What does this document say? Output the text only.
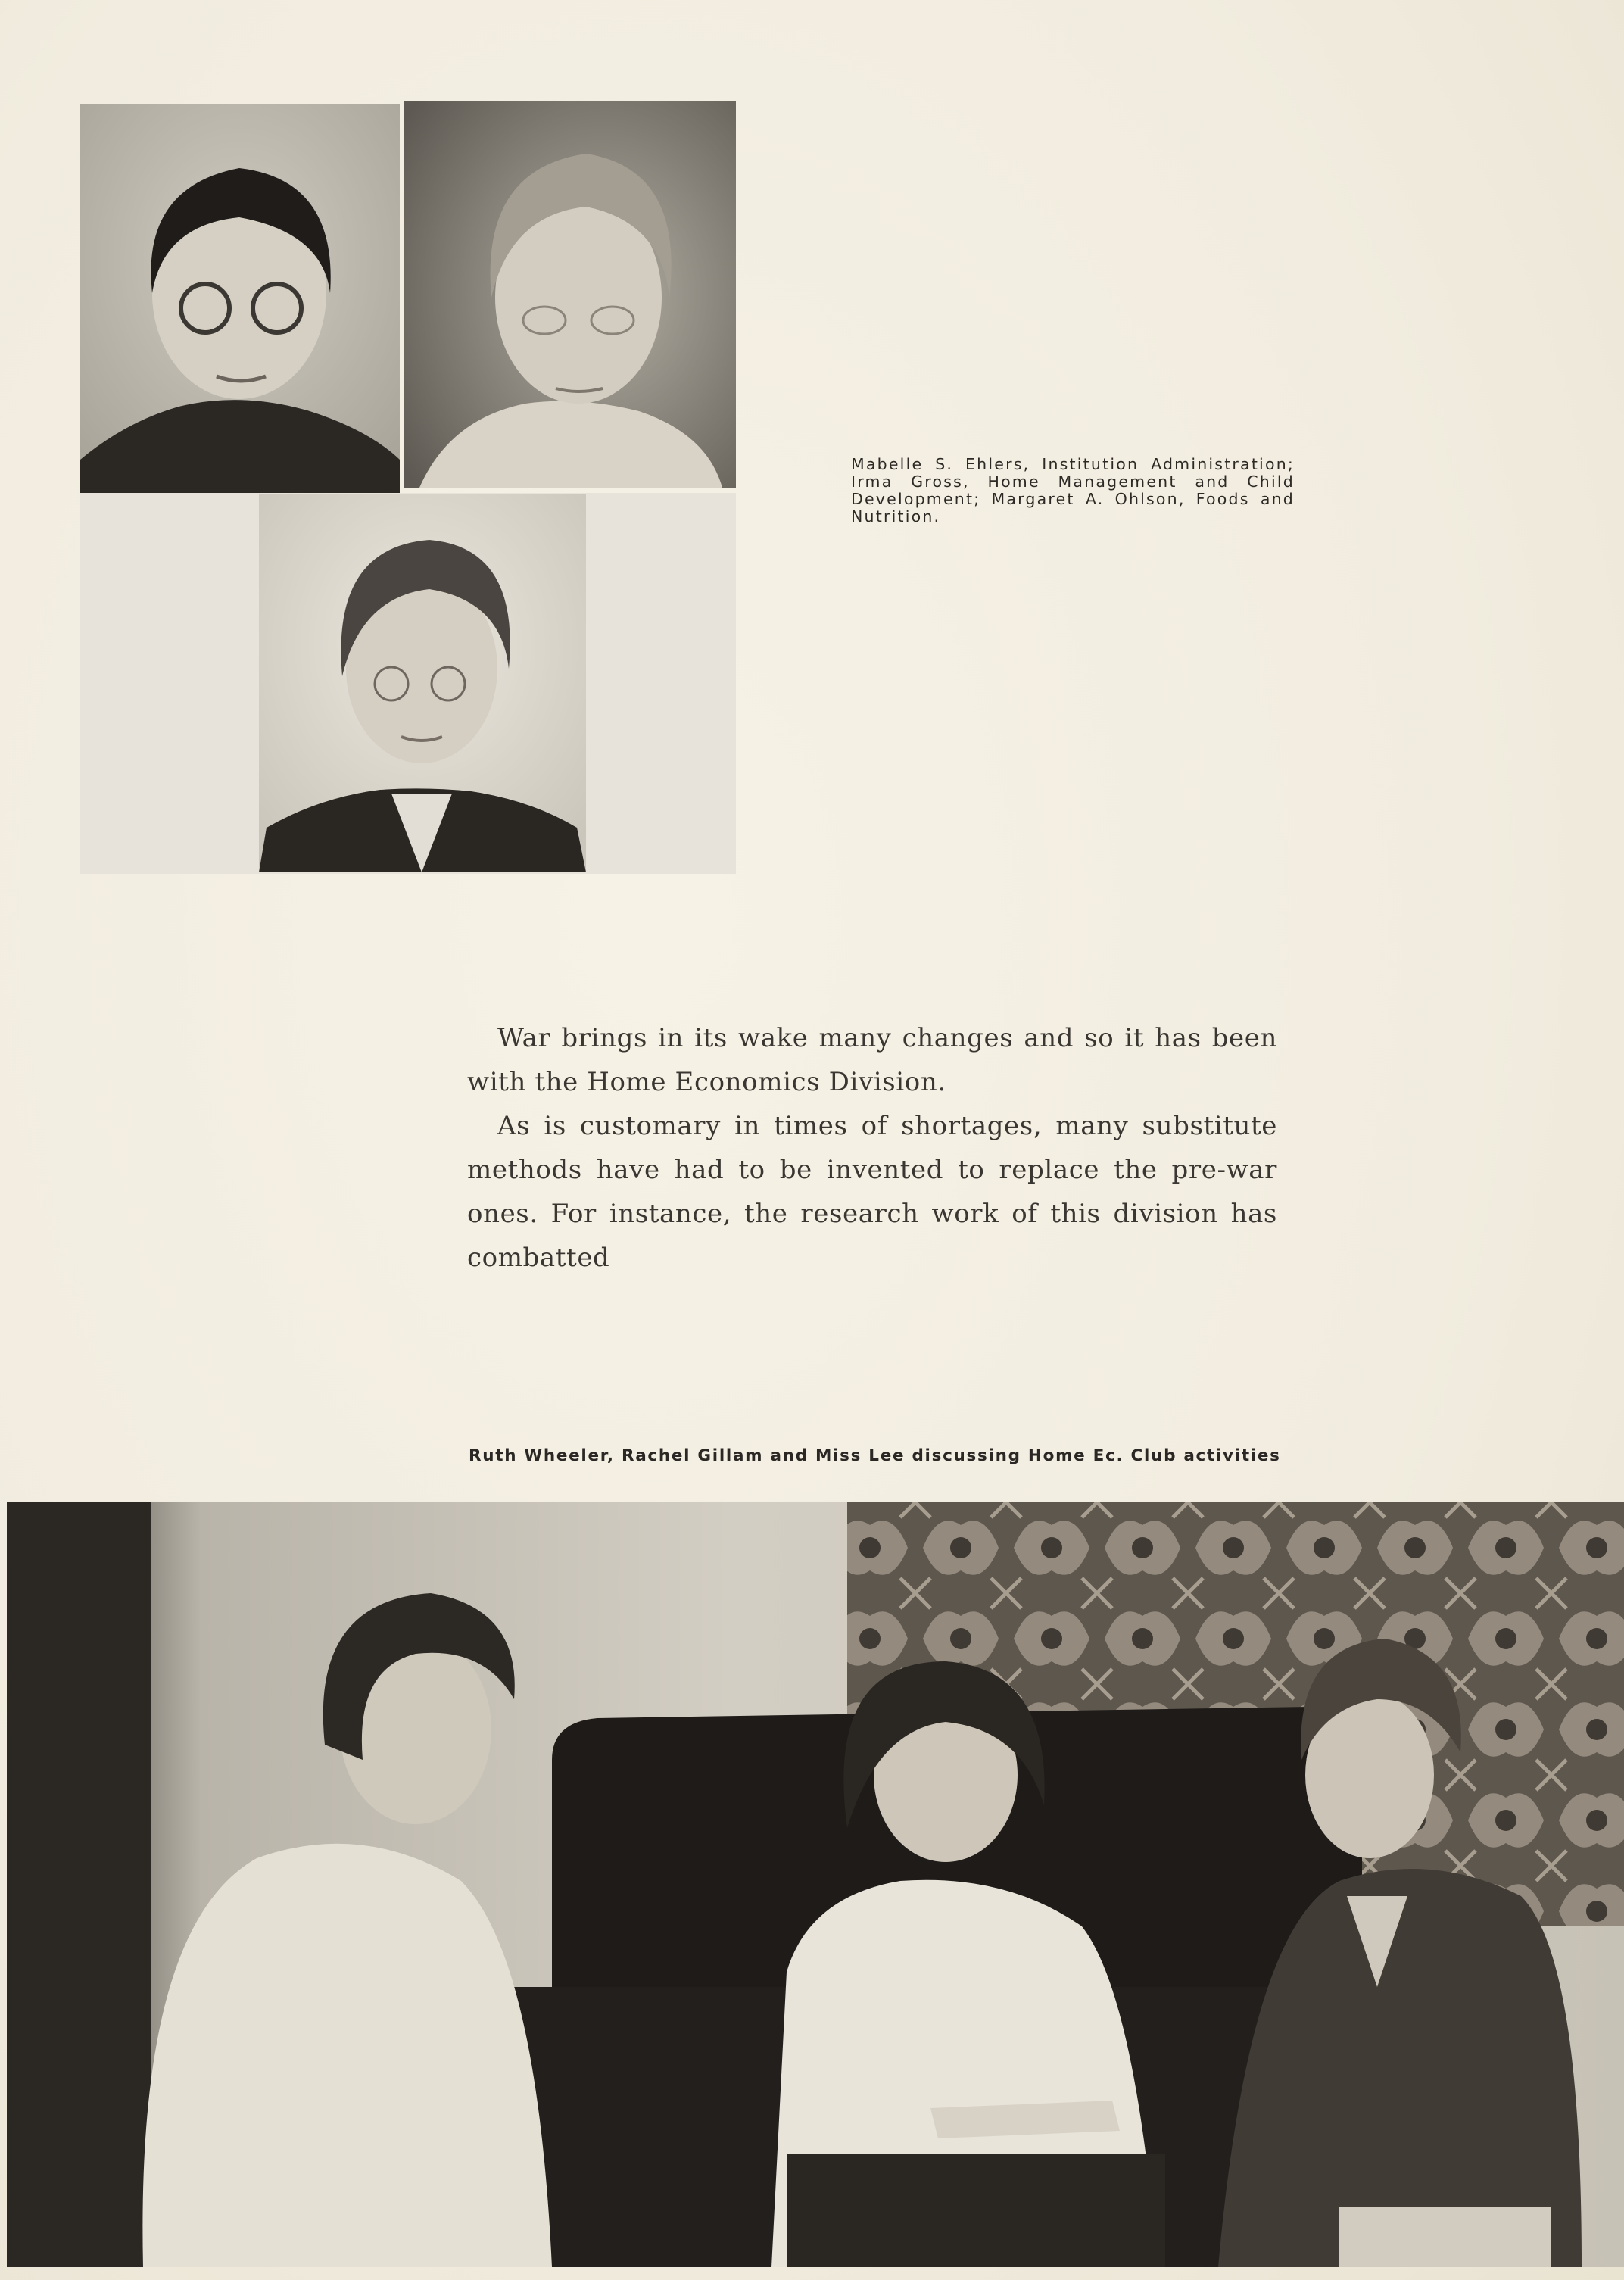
Mabelle S. Ehlers, Institution Administration; Irma Gross, Home Management and Child Development; Margaret A. Ohlson, Foods and Nutrition.

War brings in its wake many changes and so it has been with the Home Economics Division.

As is customary in times of shortages, many substitute methods have had to be invented to replace the pre-war ones. For instance, the research work of this division has combatted

Ruth Wheeler, Rachel Gillam and Miss Lee discussing Home Ec. Club activities
